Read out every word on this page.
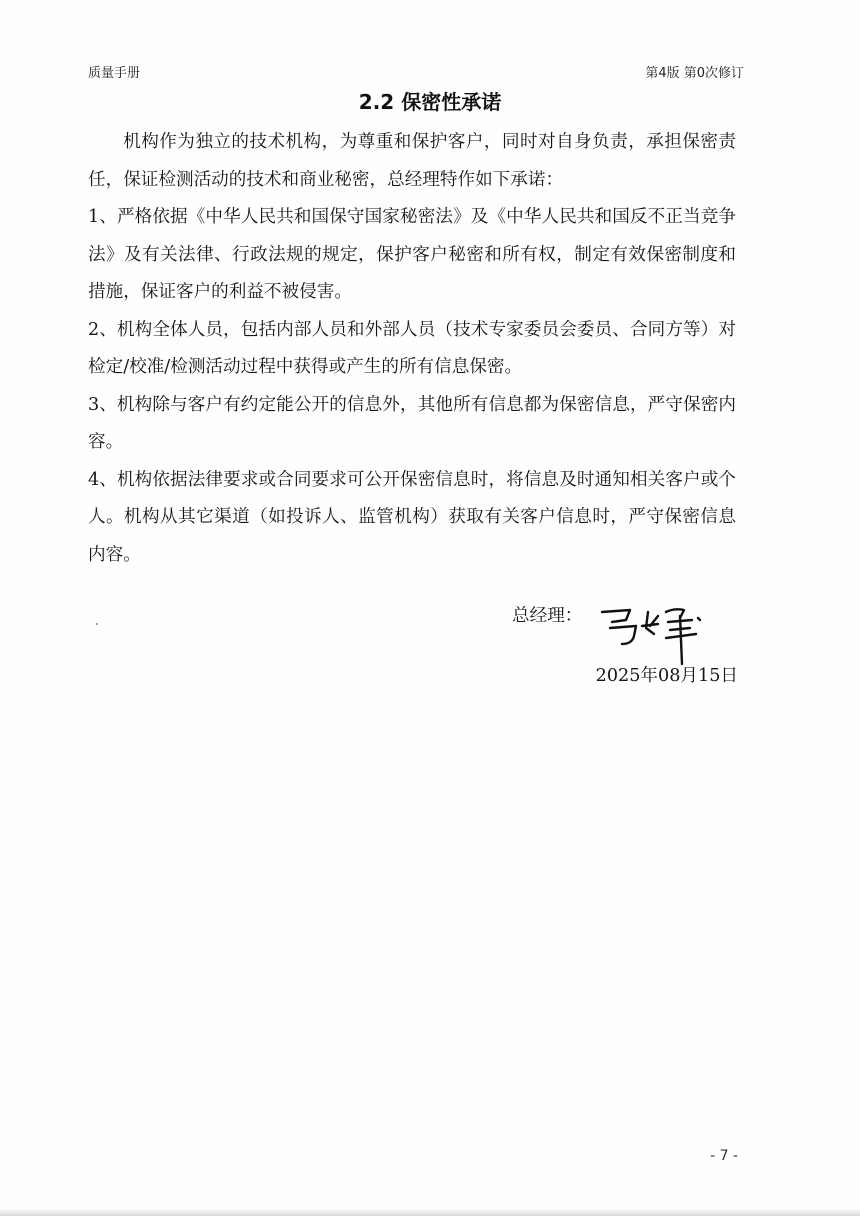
质量手册	第4版 第0次修订
2.2 保密性承诺

机构作为独立的技术机构，为尊重和保护客户，同时对自身负责，承担保密责任，保证检测活动的技术和商业秘密，总经理特作如下承诺：

1、严格依据《中华人民共和国保守国家秘密法》及《中华人民共和国反不正当竞争法》及有关法律、行政法规的规定，保护客户秘密和所有权，制定有效保密制度和措施，保证客户的利益不被侵害。

2、机构全体人员，包括内部人员和外部人员（技术专家委员会委员、合同方等）对检定/校准/检测活动过程中获得或产生的所有信息保密。

3、机构除与客户有约定能公开的信息外，其他所有信息都为保密信息，严守保密内容。

4、机构依据法律要求或合同要求可公开保密信息时，将信息及时通知相关客户或个人。机构从其它渠道（如投诉人、监管机构）获取有关客户信息时，严守保密信息内容。

总经理：
2025年08月15日
- 7 -
